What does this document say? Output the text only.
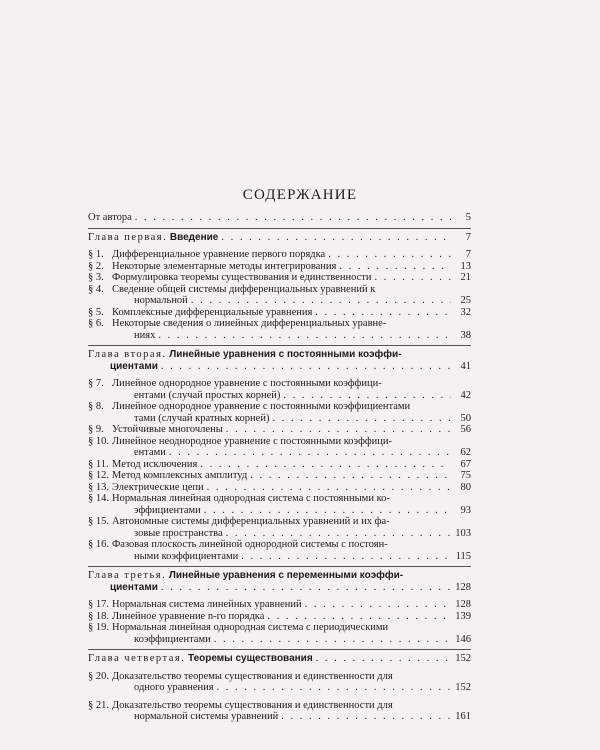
СОДЕРЖАНИЕ
От автора . . .	5
Глава первая. Введение . . .	7
§ 1. Дифференциальное уравнение первого порядка . . .	7
§ 2. Некоторые элементарные методы интегрирования . . .	13
§ 3. Формулировка теоремы существования и единственности . . .	21
§ 4. Сведение общей системы дифференциальных уравнений к
нормальной . . .	25
§ 5. Комплексные дифференциальные уравнения . . .	32
§ 6. Некоторые сведения о линейных дифференциальных уравне-
ниях . . .	38
Глава вторая. Линейные уравнения с постоянными коэффи-
циентами . . .	41
§ 7. Линейное однородное уравнение с постоянными коэффици-
ентами (случай простых корней) . . .	42
§ 8. Линейное однородное уравнение с постоянными коэффициентами
тами (случай кратных корней) . . .	50
§ 9. Устойчивые многочлены . . .	56
§ 10. Линейное неоднородное уравнение с постоянными коэффици-
ентами . . .	62
§ 11. Метод исключения . . .	67
§ 12. Метод комплексных амплитуд . . .	75
§ 13. Электрические цепи . . .	80
§ 14. Нормальная линейная однородная система с постоянными ко-
эффициентами . . .	93
§ 15. Автономные системы дифференциальных уравнений и их фа-
зовые пространства . . .	103
§ 16. Фазовая плоскость линейной однородной системы с постоян-
ными коэффициентами . . .	115
Глава третья. Линейные уравнения с переменными коэффи-
циентами . . .	128
§ 17. Нормальная система линейных уравнений . . .	128
§ 18. Линейное уравнение n-го порядка . . .	139
§ 19. Нормальная линейная однородная система с периодическими
коэффициентами . . .	146
Глава четвертая. Теоремы существования . . .	152
§ 20. Доказательство теоремы существования и единственности для
одного уравнения . . .	152
§ 21. Доказательство теоремы существования и единственности для
нормальной системы уравнений . . .	161
